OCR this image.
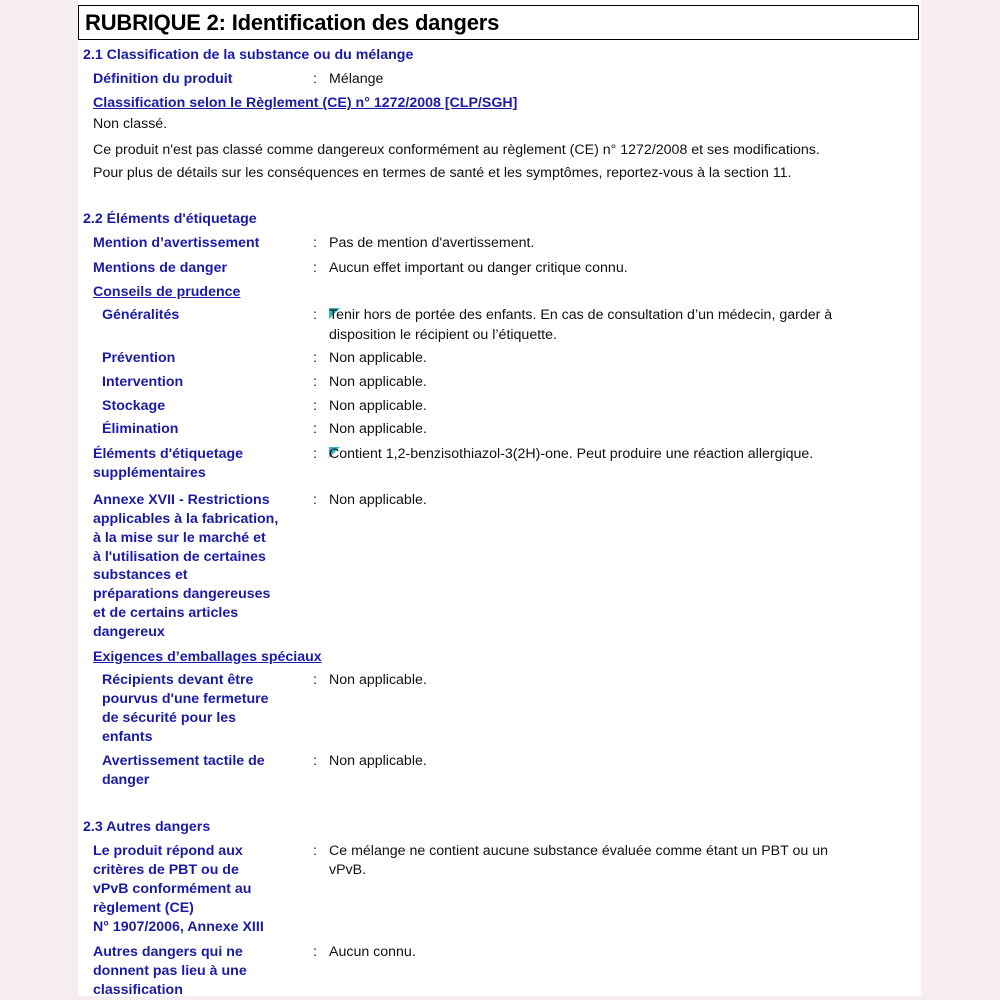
RUBRIQUE 2: Identification des dangers
2.1 Classification de la substance ou du mélange
Définition du produit	: Mélange
Classification selon le Règlement (CE) n° 1272/2008 [CLP/SGH]
Non classé.
Ce produit n'est pas classé comme dangereux conformément au règlement (CE) n° 1272/2008 et ses modifications.
Pour plus de détails sur les conséquences en termes de santé et les symptômes, reportez-vous à la section 11.
2.2 Éléments d'étiquetage
Mention d’avertissement	: Pas de mention d'avertissement.
Mentions de danger	: Aucun effet important ou danger critique connu.
Conseils de prudence
Généralités	: Tenir hors de portée des enfants. En cas de consultation d’un médecin, garder à
disposition le récipient ou l’étiquette.
Prévention	: Non applicable.
Intervention	: Non applicable.
Stockage	: Non applicable.
Élimination	: Non applicable.
Éléments d'étiquetage
supplémentaires
: Contient 1,2-benzisothiazol-3(2H)-one. Peut produire une réaction allergique.
Annexe XVII - Restrictions
applicables à la fabrication,
à la mise sur le marché et
à l'utilisation de certaines
substances et
préparations dangereuses
et de certains articles
dangereux
: Non applicable.
Exigences d’emballages spéciaux
Récipients devant être
pourvus d'une fermeture
de sécurité pour les
enfants
: Non applicable.
Avertissement tactile de
danger
: Non applicable.
2.3 Autres dangers
Le produit répond aux
critères de PBT ou de
vPvB conformément au
règlement (CE)
N° 1907/2006, Annexe XIII
: Ce mélange ne contient aucune substance évaluée comme étant un PBT ou un
vPvB.
Autres dangers qui ne
donnent pas lieu à une
classification
: Aucun connu.
